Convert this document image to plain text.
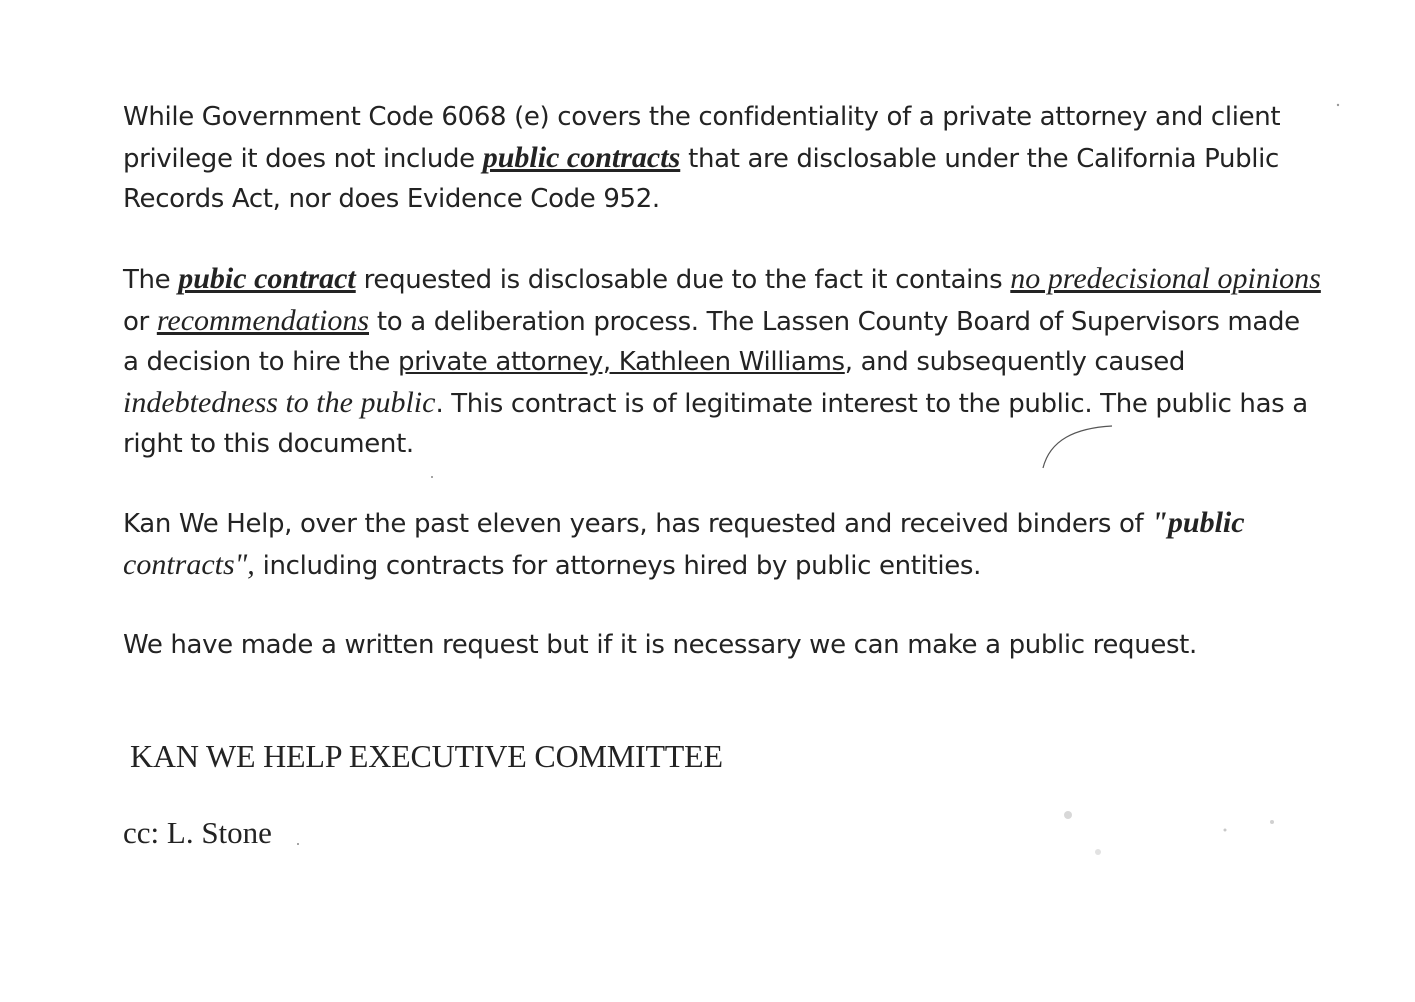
While Government Code 6068 (e) covers the confidentiality of a private attorney and client privilege it does not include public contracts that are disclosable under the California Public Records Act, nor does Evidence Code 952.
The pubic contract requested is disclosable due to the fact it contains no predecisional opinions or recommendations to a deliberation process. The Lassen County Board of Supervisors made a decision to hire the private attorney, Kathleen Williams, and subsequently caused indebtedness to the public. This contract is of legitimate interest to the public. The public has a right to this document.
Kan We Help, over the past eleven years, has requested and received binders of "public
contracts", including contracts for attorneys hired by public entities.
We have made a written request but if it is necessary we can make a public request.
KAN WE HELP EXECUTIVE COMMITTEE
cc: L. Stone
